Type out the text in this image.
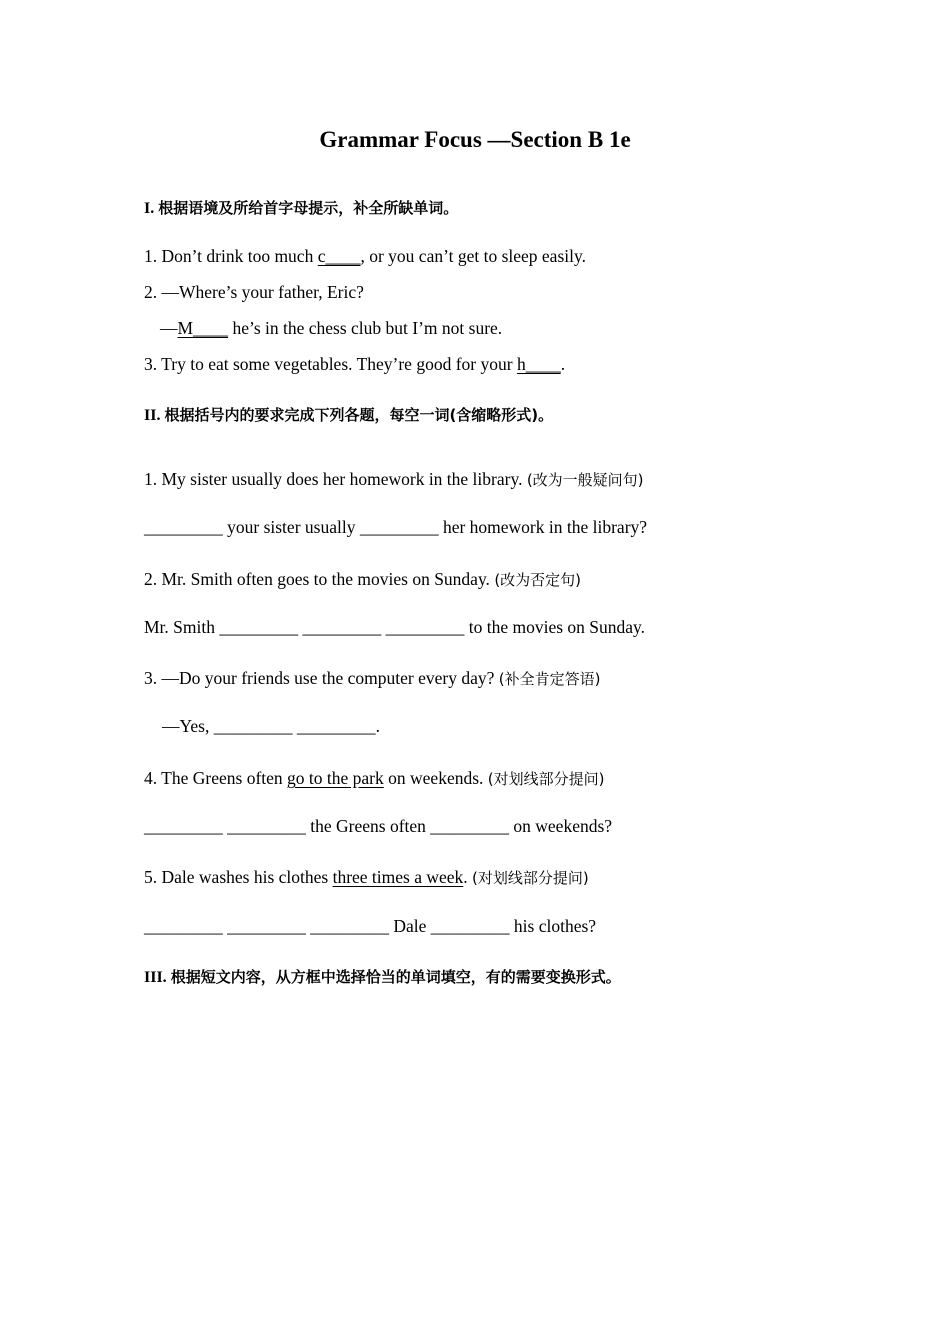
Grammar Focus —Section B 1e
I. 根据语境及所给首字母提示，补全所缺单词。
1. Don’t drink too much c____, or you can’t get to sleep easily.
2. —Where’s your father, Eric?
—M____ he’s in the chess club but I’m not sure.
3. Try to eat some vegetables. They’re good for your h____.
II. 根据括号内的要求完成下列各题，每空一词(含缩略形式)。
1. My sister usually does her homework in the library. (改为一般疑问句)
_________ your sister usually _________ her homework in the library?
2. Mr. Smith often goes to the movies on Sunday. (改为否定句)
Mr. Smith _________ _________ _________ to the movies on Sunday.
3. —Do your friends use the computer every day? (补全肯定答语)
—Yes, _________ _________.
4. The Greens often go to the park on weekends. (对划线部分提问)
_________ _________ the Greens often _________ on weekends?
5. Dale washes his clothes three times a week. (对划线部分提问)
_________ _________ _________ Dale _________ his clothes?
III. 根据短文内容，从方框中选择恰当的单词填空，有的需要变换形式。
